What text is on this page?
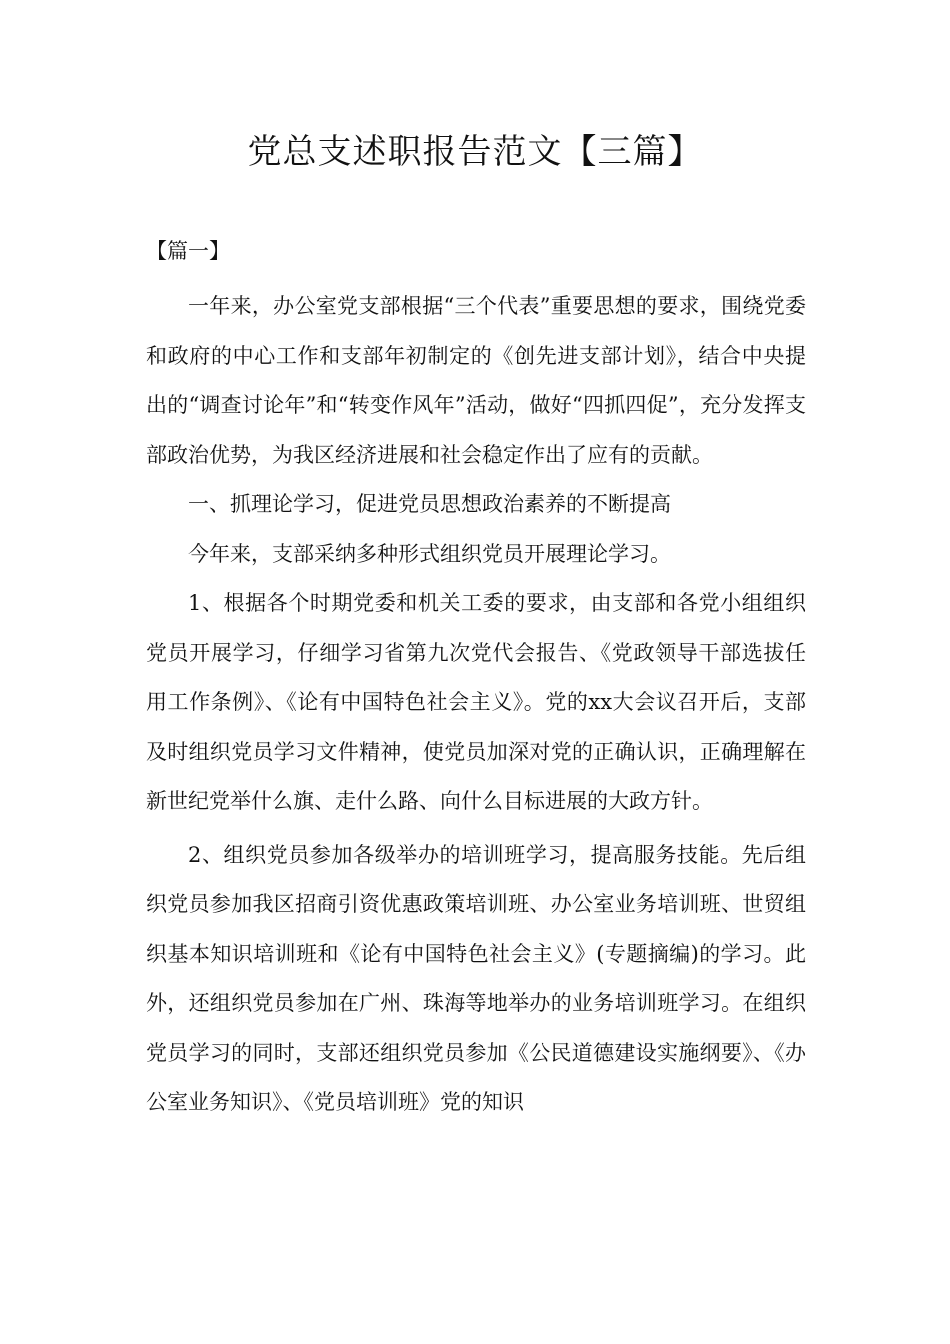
党总支述职报告范文【三篇】

【篇一】

一年来，办公室党支部根据“三个代表”重要思想的要求，围绕党委和政府的中心工作和支部年初制定的《创先进支部计划》，结合中央提出的“调查讨论年”和“转变作风年”活动，做好“四抓四促”，充分发挥支部政治优势，为我区经济进展和社会稳定作出了应有的贡献。

一、抓理论学习，促进党员思想政治素养的不断提高

今年来，支部采纳多种形式组织党员开展理论学习。

1、根据各个时期党委和机关工委的要求，由支部和各党小组组织党员开展学习，仔细学习省第九次党代会报告、《党政领导干部选拔任用工作条例》、《论有中国特色社会主义》。党的xx大会议召开后，支部及时组织党员学习文件精神，使党员加深对党的正确认识，正确理解在新世纪党举什么旗、走什么路、向什么目标进展的大政方针。

2、组织党员参加各级举办的培训班学习，提高服务技能。先后组织党员参加我区招商引资优惠政策培训班、办公室业务培训班、世贸组织基本知识培训班和《论有中国特色社会主义》(专题摘编)的学习。此外，还组织党员参加在广州、珠海等地举办的业务培训班学习。在组织党员学习的同时，支部还组织党员参加《公民道德建设实施纲要》、《办公室业务知识》、《党员培训班》党的知识
